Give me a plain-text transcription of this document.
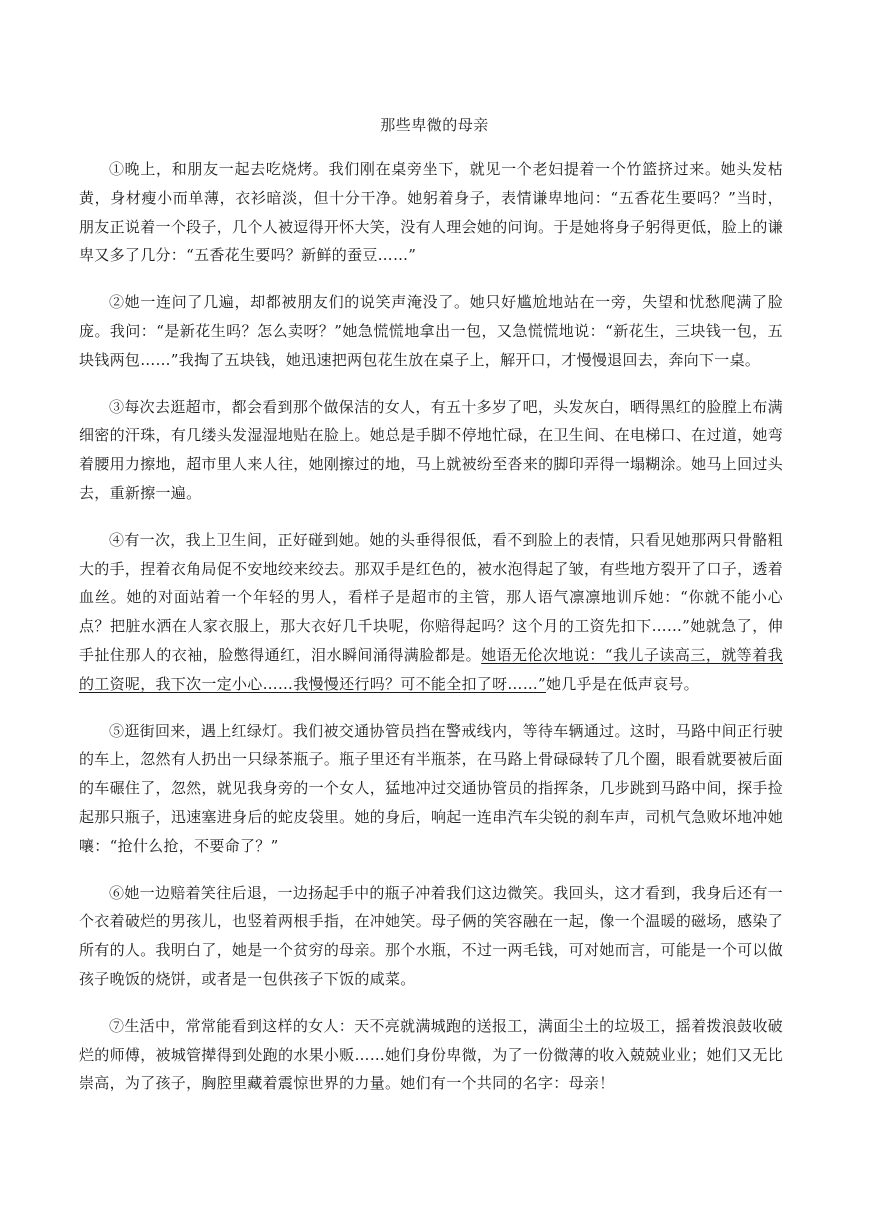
那些卑微的母亲

①晚上，和朋友一起去吃烧烤。我们刚在桌旁坐下，就见一个老妇提着一个竹篮挤过来。她头发枯黄，身材瘦小而单薄，衣衫暗淡，但十分干净。她躬着身子，表情谦卑地问：“五香花生要吗？”当时，朋友正说着一个段子，几个人被逗得开怀大笑，没有人理会她的问询。于是她将身子躬得更低，脸上的谦卑又多了几分：“五香花生要吗？新鲜的蚕豆……”

②她一连问了几遍，却都被朋友们的说笑声淹没了。她只好尴尬地站在一旁，失望和忧愁爬满了脸庞。我问：“是新花生吗？怎么卖呀？”她急慌慌地拿出一包，又急慌慌地说：“新花生，三块钱一包，五块钱两包……”我掏了五块钱，她迅速把两包花生放在桌子上，解开口，才慢慢退回去，奔向下一桌。

③每次去逛超市，都会看到那个做保洁的女人，有五十多岁了吧，头发灰白，晒得黑红的脸膛上布满细密的汗珠，有几缕头发湿湿地贴在脸上。她总是手脚不停地忙碌，在卫生间、在电梯口、在过道，她弯着腰用力擦地，超市里人来人往，她刚擦过的地，马上就被纷至沓来的脚印弄得一塌糊涂。她马上回过头去，重新擦一遍。

④有一次，我上卫生间，正好碰到她。她的头垂得很低，看不到脸上的表情，只看见她那两只骨骼粗大的手，捏着衣角局促不安地绞来绞去。那双手是红色的，被水泡得起了皱，有些地方裂开了口子，透着血丝。她的对面站着一个年轻的男人，看样子是超市的主管，那人语气凛凛地训斥她：“你就不能小心点？把脏水洒在人家衣服上，那大衣好几千块呢，你赔得起吗？这个月的工资先扣下……”她就急了，伸手扯住那人的衣袖，脸憋得通红，泪水瞬间涌得满脸都是。她语无伦次地说：“我儿子读高三，就等着我的工资呢，我下次一定小心……我慢慢还行吗？可不能全扣了呀……”她几乎是在低声哀号。

⑤逛街回来，遇上红绿灯。我们被交通协管员挡在警戒线内，等待车辆通过。这时，马路中间正行驶的车上，忽然有人扔出一只绿茶瓶子。瓶子里还有半瓶茶，在马路上骨碌碌转了几个圈，眼看就要被后面的车碾住了，忽然，就见我身旁的一个女人，猛地冲过交通协管员的指挥条，几步跳到马路中间，探手捡起那只瓶子，迅速塞进身后的蛇皮袋里。她的身后，响起一连串汽车尖锐的刹车声，司机气急败坏地冲她嚷：“抢什么抢，不要命了？”

⑥她一边赔着笑往后退，一边扬起手中的瓶子冲着我们这边微笑。我回头，这才看到，我身后还有一个衣着破烂的男孩儿，也竖着两根手指，在冲她笑。母子俩的笑容融在一起，像一个温暖的磁场，感染了所有的人。我明白了，她是一个贫穷的母亲。那个水瓶，不过一两毛钱，可对她而言，可能是一个可以做孩子晚饭的烧饼，或者是一包供孩子下饭的咸菜。

⑦生活中，常常能看到这样的女人：天不亮就满城跑的送报工，满面尘土的垃圾工，摇着拨浪鼓收破烂的师傅，被城管撵得到处跑的水果小贩……她们身份卑微，为了一份微薄的收入兢兢业业；她们又无比崇高，为了孩子，胸腔里藏着震惊世界的力量。她们有一个共同的名字：母亲！
